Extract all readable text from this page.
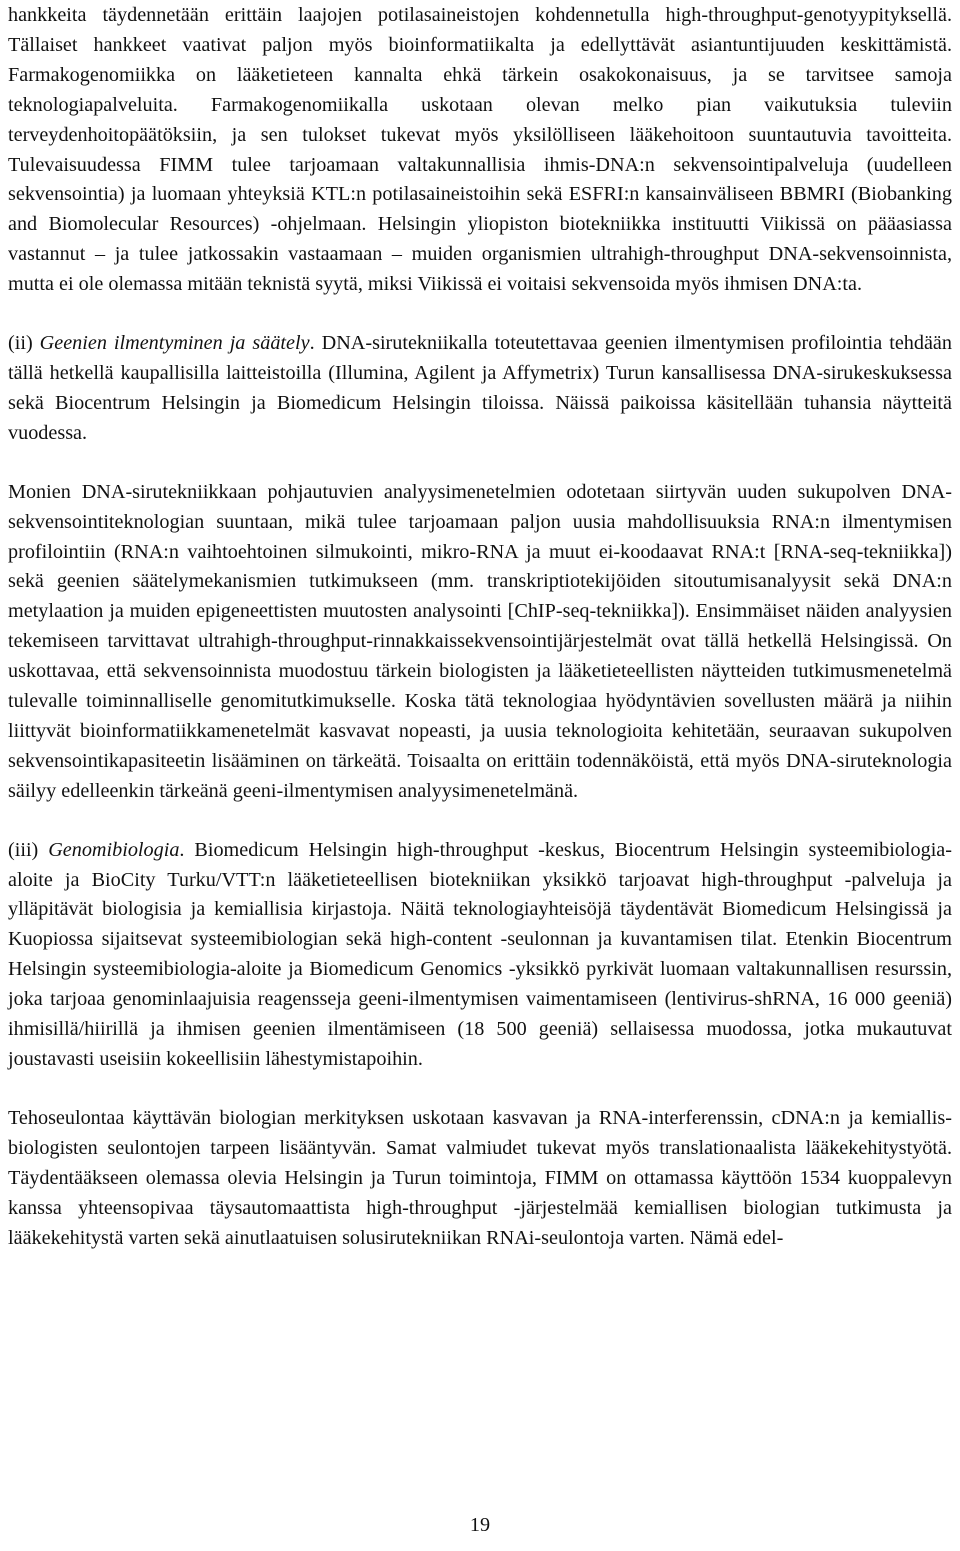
hankkeita täydennetään erittäin laajojen potilasaineistojen kohdennetulla high-throughput-genotyypityksellä. Tällaiset hankkeet vaativat paljon myös bioinformatiikalta ja edellyttävät asiantuntijuuden keskittämistä. Farmakogenomiikka on lääketieteen kannalta ehkä tärkein osakokonaisuus, ja se tarvitsee samoja teknologiapalveluita. Farmakogenomiikalla uskotaan olevan melko pian vaikutuksia tuleviin terveydenhoitopäätöksiin, ja sen tulokset tukevat myös yksilölliseen lääkehoitoon suuntautuvia tavoitteita. Tulevaisuudessa FIMM tulee tarjoamaan valtakunnallisia ihmis-DNA:n sekvensointipalveluja (uudelleen sekvensointia) ja luomaan yhteyksiä KTL:n potilasaineistoihin sekä ESFRI:n kansainväliseen BBMRI (Biobanking and Biomolecular Resources) -ohjelmaan. Helsingin yliopiston biotekniikka instituutti Viikissä on pääasiassa vastannut – ja tulee jatkossakin vastaamaan – muiden organismien ultrahigh-throughput DNA-sekvensoinnista, mutta ei ole olemassa mitään teknistä syytä, miksi Viikissä ei voitaisi sekvensoida myös ihmisen DNA:ta.

(ii) Geenien ilmentyminen ja säätely. DNA-sirutekniikalla toteutettavaa geenien ilmentymisen profilointia tehdään tällä hetkellä kaupallisilla laitteistoilla (Illumina, Agilent ja Affymetrix) Turun kansallisessa DNA-sirukeskuksessa sekä Biocentrum Helsingin ja Biomedicum Helsingin tiloissa. Näissä paikoissa käsitellään tuhansia näytteitä vuodessa.

Monien DNA-sirutekniikkaan pohjautuvien analyysimenetelmien odotetaan siirtyvän uuden sukupolven DNA-sekvensointiteknologian suuntaan, mikä tulee tarjoamaan paljon uusia mahdollisuuksia RNA:n ilmentymisen profilointiin (RNA:n vaihtoehtoinen silmukointi, mikro-RNA ja muut ei-koodaavat RNA:t [RNA-seq-tekniikka]) sekä geenien säätelymekanismien tutkimukseen (mm. transkriptiotekijöiden sitoutumisanalyysit sekä DNA:n metylaation ja muiden epigeneettisten muutosten analysointi [ChIP-seq-tekniikka]). Ensimmäiset näiden analyysien tekemiseen tarvittavat ultrahigh-throughput-rinnakkaissekvensointijärjestelmät ovat tällä hetkellä Helsingissä. On uskottavaa, että sekvensoinnista muodostuu tärkein biologisten ja lääketieteellisten näytteiden tutkimusmenetelmä tulevalle toiminnalliselle genomitutkimukselle. Koska tätä teknologiaa hyödyntävien sovellusten määrä ja niihin liittyvät bioinformatiikkamenetelmät kasvavat nopeasti, ja uusia teknologioita kehitetään, seuraavan sukupolven sekvensointikapasiteetin lisääminen on tärkeätä. Toisaalta on erittäin todennäköistä, että myös DNA-siruteknologia säilyy edelleenkin tärkeänä geeni-ilmentymisen analyysimenetelmänä.

(iii) Genomibiologia. Biomedicum Helsingin high-throughput -keskus, Biocentrum Helsingin systeemibiologia-aloite ja BioCity Turku/VTT:n lääketieteellisen biotekniikan yksikkö tarjoavat high-throughput -palveluja ja ylläpitävät biologisia ja kemiallisia kirjastoja. Näitä teknologiayhteisöjä täydentävät Biomedicum Helsingissä ja Kuopiossa sijaitsevat systeemibiologian sekä high-content -seulonnan ja kuvantamisen tilat. Etenkin Biocentrum Helsingin systeemibiologia-aloite ja Biomedicum Genomics -yksikkö pyrkivät luomaan valtakunnallisen resurssin, joka tarjoaa genominlaajuisia reagensseja geeni-ilmentymisen vaimentamiseen (lentivirus-shRNA, 16 000 geeniä) ihmisillä/hiirillä ja ihmisen geenien ilmentämiseen (18 500 geeniä) sellaisessa muodossa, jotka mukautuvat joustavasti useisiin kokeellisiin lähestymistapoihin.

Tehoseulontaa käyttävän biologian merkityksen uskotaan kasvavan ja RNA-interferenssin, cDNA:n ja kemiallis-biologisten seulontojen tarpeen lisääntyvän. Samat valmiudet tukevat myös translationaalista lääkekehitystyötä. Täydentääkseen olemassa olevia Helsingin ja Turun toimintoja, FIMM on ottamassa käyttöön 1534 kuoppalevyn kanssa yhteensopivaa täysautomaattista high-throughput -järjestelmää kemiallisen biologian tutkimusta ja lääkekehitystä varten sekä ainutlaatuisen solusirutekniikan RNAi-seulontoja varten. Nämä edel-

19
